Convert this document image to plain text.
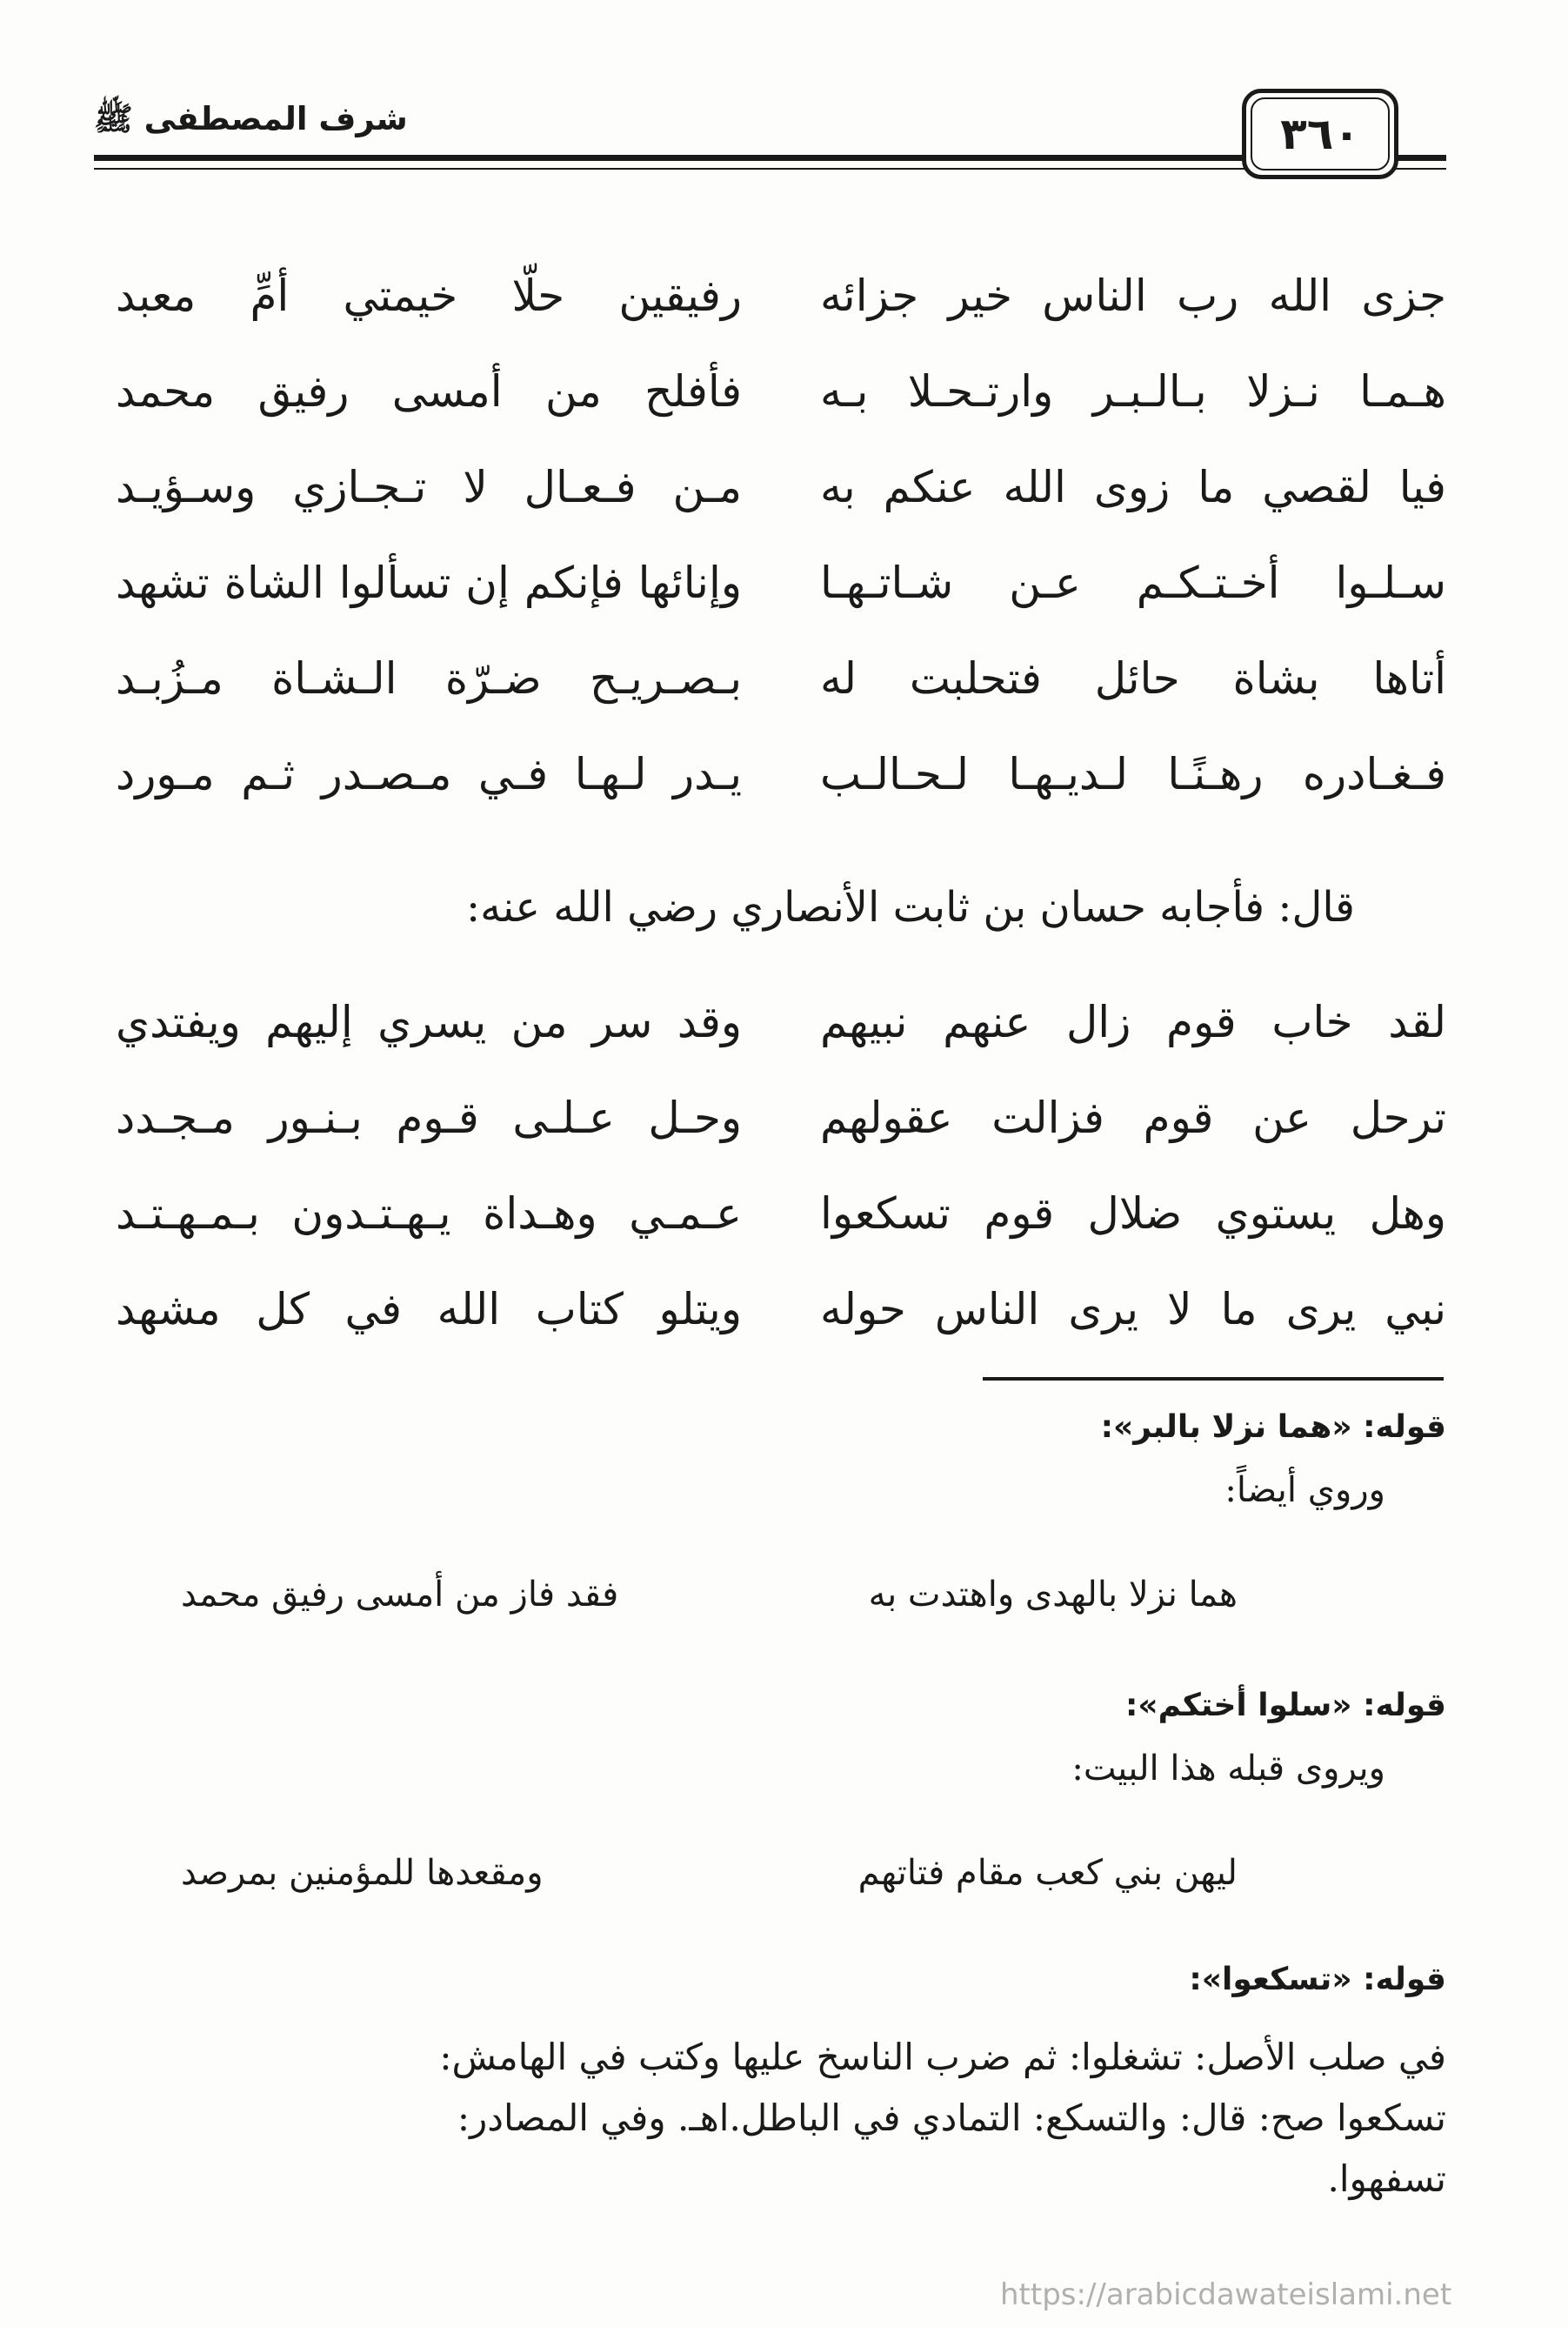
شرف المصطفى ﷺ	٣٦٠
جزى الله رب الناس خير جزائه
رفيقين حلّا خيمتي أمِّ معبد
هـمـا نـزلا بـالـبـر وارتـحـلا بـه
فأفلح من أمسى رفيق محمد
فيا لقصي ما زوى الله عنكم به
مـن فـعـال لا تـجـازي وسـؤيـد
سـلـوا أخـتـكـم عـن شـاتـهـا
وإنائها فإنكم إن تسألوا الشاة تشهد
أتاها بشاة حائل فتحلبت له
بـصـريـح ضـرّة الـشـاة مـزُبـد
فـغـادره رهـنًـا لـديـهـا لـحـالـب
يـدر لـهـا فـي مـصـدر ثـم مـورد
قال: فأجابه حسان بن ثابت الأنصاري رضي الله عنه:
لقد خاب قوم زال عنهم نبيهم
وقد سر من يسري إليهم ويفتدي
ترحل عن قوم فزالت عقولهم
وحـل عـلـى قـوم بـنـور مـجـدد
وهل يستوي ضلال قوم تسكعوا
عـمـي وهـداة يـهـتـدون بـمـهـتـد
نبي يرى ما لا يرى الناس حوله
ويتلو كتاب الله في كل مشهد
قوله: «هما نزلا بالبر»:
وروي أيضاً:
هما نزلا بالهدى واهتدت به
فقد فاز من أمسى رفيق محمد
قوله: «سلوا أختكم»:
ويروى قبله هذا البيت:
ليهن بني كعب مقام فتاتهم
ومقعدها للمؤمنين بمرصد
قوله: «تسكعوا»:
في صلب الأصل: تشغلوا: ثم ضرب الناسخ عليها وكتب في الهامش:
تسكعوا صح: قال: والتسكع: التمادي في الباطل.اهـ. وفي المصادر:
تسفهوا.
https://arabicdawateislami.net
